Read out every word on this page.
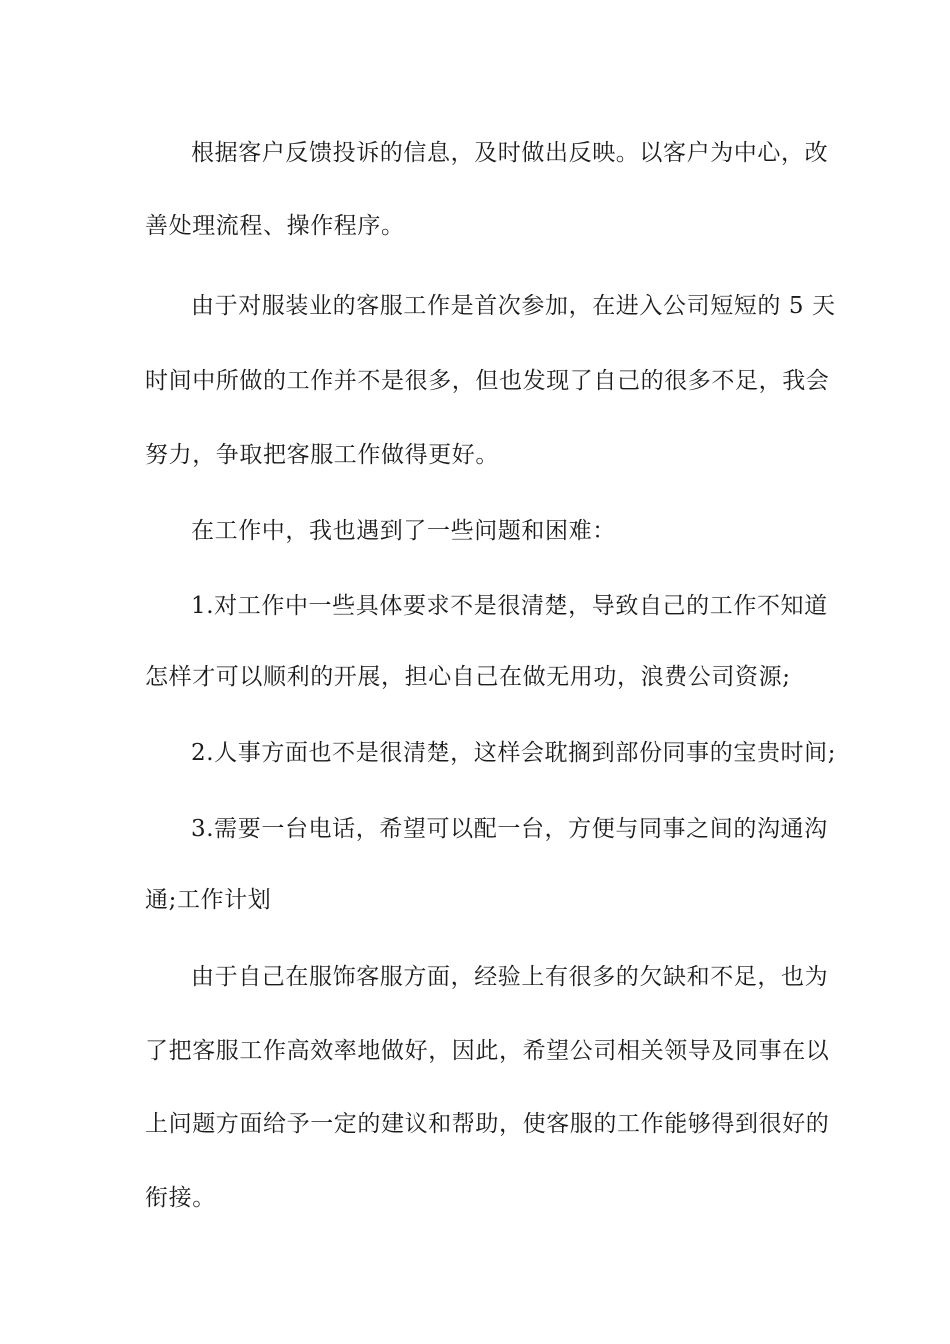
根据客户反馈投诉的信息，及时做出反映。以客户为中心，改

善处理流程、操作程序。

由于对服装业的客服工作是首次参加，在进入公司短短的 5 天

时间中所做的工作并不是很多，但也发现了自己的很多不足，我会

努力，争取把客服工作做得更好。

在工作中，我也遇到了一些问题和困难：

1.对工作中一些具体要求不是很清楚，导致自己的工作不知道

怎样才可以顺利的开展，担心自己在做无用功，浪费公司资源;

2.人事方面也不是很清楚，这样会耽搁到部份同事的宝贵时间;

3.需要一台电话，希望可以配一台，方便与同事之间的沟通沟

通;工作计划

由于自己在服饰客服方面，经验上有很多的欠缺和不足，也为

了把客服工作高效率地做好，因此，希望公司相关领导及同事在以

上问题方面给予一定的建议和帮助，使客服的工作能够得到很好的

衔接。
